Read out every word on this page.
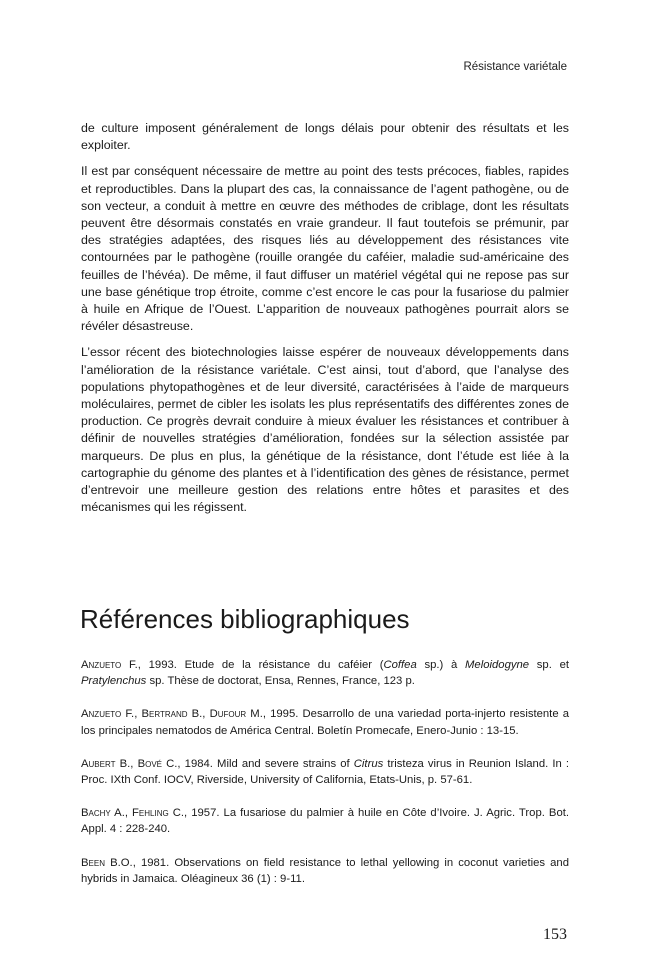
Résistance variétale

de culture imposent généralement de longs délais pour obtenir des résultats et les exploiter.

Il est par conséquent nécessaire de mettre au point des tests précoces, fiables, rapides et reproductibles. Dans la plupart des cas, la connaissance de l’agent pathogène, ou de son vecteur, a conduit à mettre en œuvre des méthodes de criblage, dont les résultats peuvent être désormais constatés en vraie grandeur. Il faut toutefois se prémunir, par des stratégies adaptées, des risques liés au développement des résistances vite contournées par le pathogène (rouille orangée du caféier, maladie sud-américaine des feuilles de l’hévéa). De même, il faut diffuser un matériel végétal qui ne repose pas sur une base génétique trop étroite, comme c’est encore le cas pour la fusariose du palmier à huile en Afrique de l’Ouest. L’apparition de nouveaux pathogènes pourrait alors se révéler désastreuse.

L’essor récent des biotechnologies laisse espérer de nouveaux développements dans l’amélioration de la résistance variétale. C’est ainsi, tout d’abord, que l’analyse des populations phytopathogènes et de leur diversité, caractérisées à l’aide de marqueurs moléculaires, permet de cibler les isolats les plus représentatifs des différentes zones de production. Ce progrès devrait conduire à mieux évaluer les résistances et contribuer à définir de nouvelles stratégies d’amélioration, fondées sur la sélection assistée par marqueurs. De plus en plus, la génétique de la résistance, dont l’étude est liée à la cartographie du génome des plantes et à l’identification des gènes de résistance, permet d’entrevoir une meilleure gestion des relations entre hôtes et parasites et des mécanismes qui les régissent.

Références bibliographiques

Anzueto F., 1993. Etude de la résistance du caféier (Coffea sp.) à Meloidogyne sp. et Pratylenchus sp. Thèse de doctorat, Ensa, Rennes, France, 123 p.

Anzueto F., Bertrand B., Dufour M., 1995. Desarrollo de una variedad porta-injerto resistente a los principales nematodos de América Central. Boletín Promecafe, Enero-Junio : 13-15.

Aubert B., Bové C., 1984. Mild and severe strains of Citrus tristeza virus in Reunion Island. In : Proc. IXth Conf. IOCV, Riverside, University of California, Etats-Unis, p. 57-61.

Bachy A., Fehling C., 1957. La fusariose du palmier à huile en Côte d’Ivoire. J. Agric. Trop. Bot. Appl. 4 : 228-240.

Been B.O., 1981. Observations on field resistance to lethal yellowing in coconut varieties and hybrids in Jamaica. Oléagineux 36 (1) : 9-11.

153
